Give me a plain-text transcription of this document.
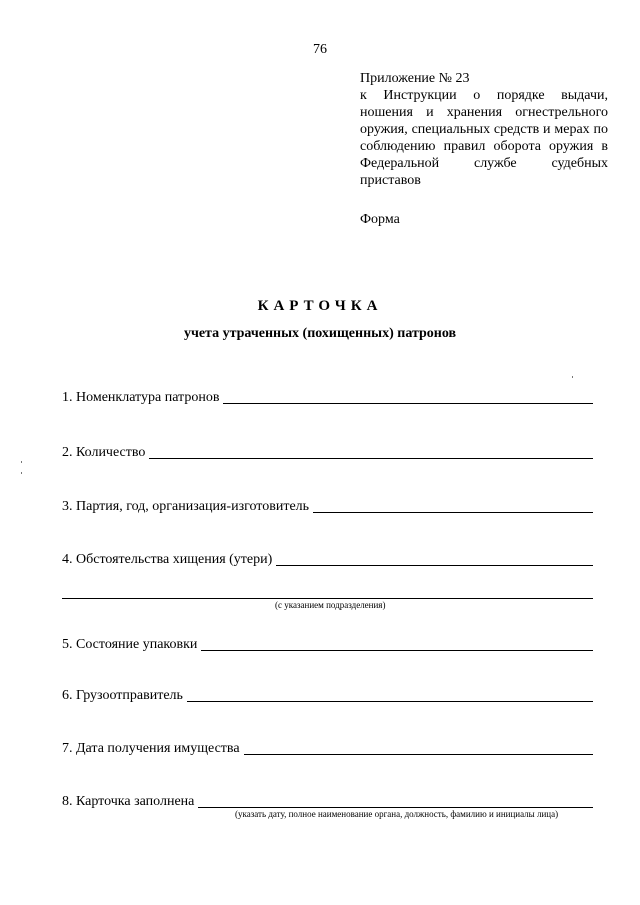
76
Приложение № 23
к Инструкции о порядке выдачи, ношения и хранения огнестрельного оружия, специальных средств и мерах по соблюдению правил оборота оружия в Федеральной службе судебных приставов
Форма
КАРТОЧКА
учета утраченных (похищенных) патронов
1. Номенклатура патронов
2. Количество
3. Партия, год, организация-изготовитель
4. Обстоятельства хищения (утери)
(с указанием подразделения)
5. Состояние упаковки
6. Грузоотправитель
7. Дата получения имущества
8. Карточка заполнена
(указать дату, полное наименование органа, должность, фамилию и инициалы лица)
